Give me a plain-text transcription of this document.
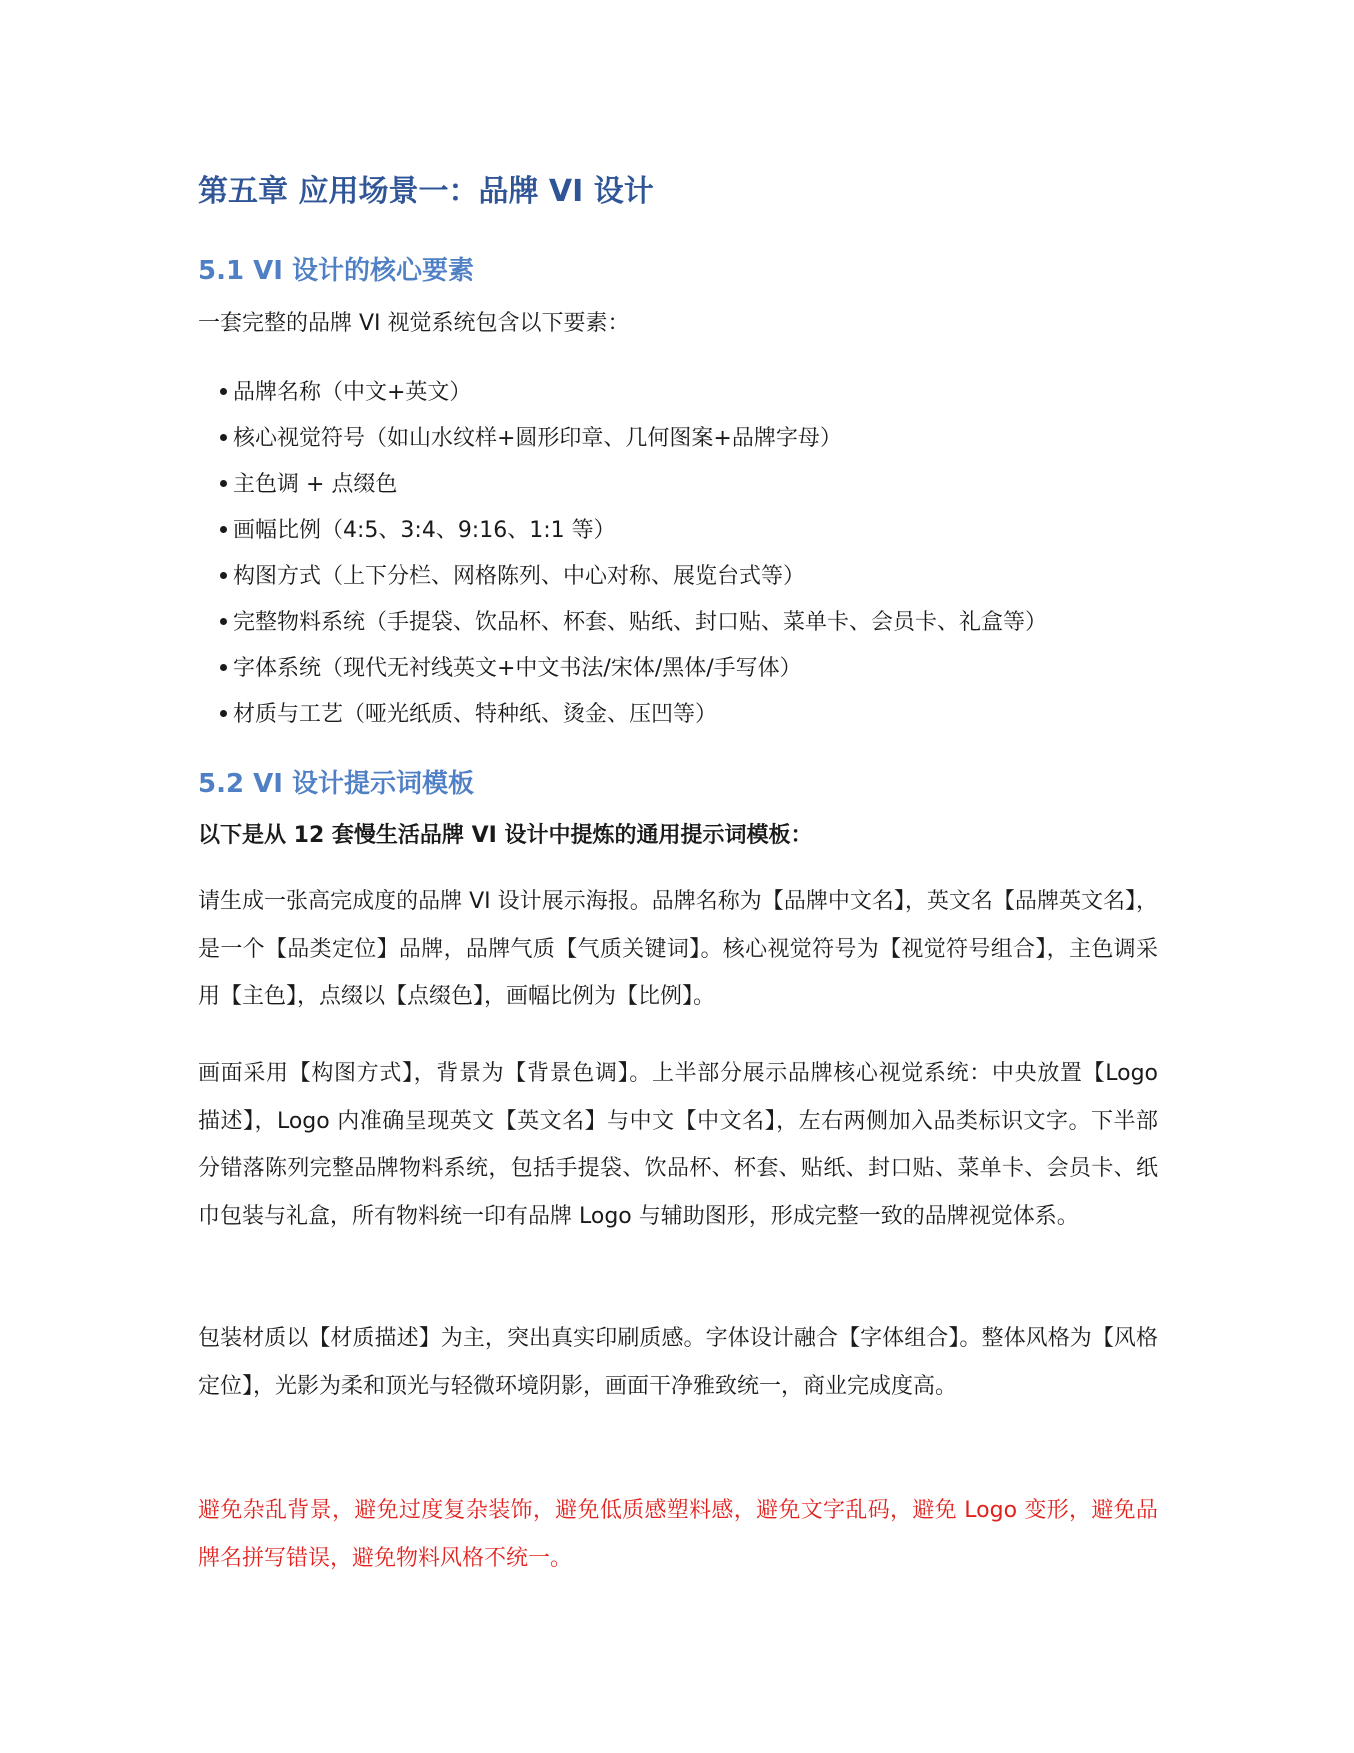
第五章 应用场景一：品牌 VI 设计
5.1 VI 设计的核心要素

一套完整的品牌 VI 视觉系统包含以下要素：

品牌名称（中文+英文）
核心视觉符号（如山水纹样+圆形印章、几何图案+品牌字母）
主色调 + 点缀色
画幅比例（4:5、3:4、9:16、1:1 等）
构图方式（上下分栏、网格陈列、中心对称、展览台式等）
完整物料系统（手提袋、饮品杯、杯套、贴纸、封口贴、菜单卡、会员卡、礼盒等）
字体系统（现代无衬线英文+中文书法/宋体/黑体/手写体）
材质与工艺（哑光纸质、特种纸、烫金、压凹等）
5.2 VI 设计提示词模板

以下是从 12 套慢生活品牌 VI 设计中提炼的通用提示词模板：

请生成一张高完成度的品牌 VI 设计展示海报。品牌名称为【品牌中文名】，英文名【品牌英文名】，是一个【品类定位】品牌，品牌气质【气质关键词】。核心视觉符号为【视觉符号组合】，主色调采用【主色】，点缀以【点缀色】，画幅比例为【比例】。

画面采用【构图方式】，背景为【背景色调】。上半部分展示品牌核心视觉系统：中央放置【Logo 描述】，Logo 内准确呈现英文【英文名】与中文【中文名】，左右两侧加入品类标识文字。下半部分错落陈列完整品牌物料系统，包括手提袋、饮品杯、杯套、贴纸、封口贴、菜单卡、会员卡、纸巾包装与礼盒，所有物料统一印有品牌 Logo 与辅助图形，形成完整一致的品牌视觉体系。

包装材质以【材质描述】为主，突出真实印刷质感。字体设计融合【字体组合】。整体风格为【风格定位】，光影为柔和顶光与轻微环境阴影，画面干净雅致统一，商业完成度高。

避免杂乱背景，避免过度复杂装饰，避免低质感塑料感，避免文字乱码，避免 Logo 变形，避免品牌名拼写错误，避免物料风格不统一。
